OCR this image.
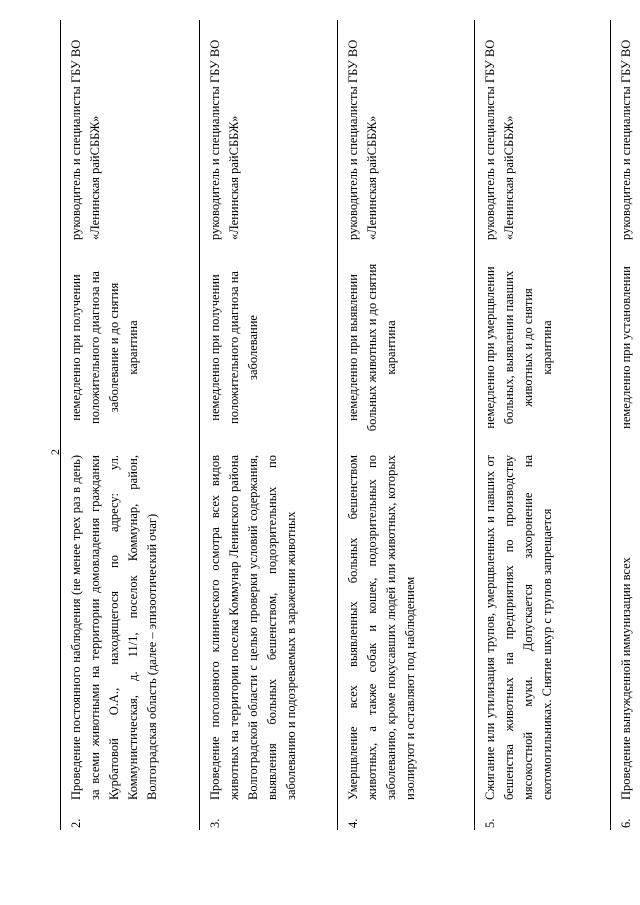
2
2.
Проведение постоянного наблюдения (не менее трех раз в день) за всеми животными на территории домовладения гражданки Курбатовой О.А., находящегося по адресу: ул. Коммунистическая, д. 11/1, поселок Коммунар, район, Волгоградская область (далее – эпизоотический очаг)
немедленно при получении положительного диагноза на заболевание и до снятия карантина
руководитель и специалисты ГБУ ВО «Ленинская райСББЖ»
3.
Проведение поголовного клинического осмотра всех видов животных на территории поселка Коммунар Ленинского района Волгоградской области с целью проверки условий содержания, выявления больных бешенством, подозрительных по заболеванию и подозреваемых в заражении животных
немедленно при получении положительного диагноза на заболевание
руководитель и специалисты ГБУ ВО «Ленинская райСББЖ»
4.
Умерщвление всех выявленных больных бешенством животных, а также собак и кошек, подозрительных по заболеванию, кроме покусавших людей или животных, которых изолируют и оставляют под наблюдением
немедленно при выявлении больных животных и до снятия карантина
руководитель и специалисты ГБУ ВО «Ленинская райСББЖ»
5.
Сжигание или утилизация трупов, умерщвленных и павших от бешенства животных на предприятиях по производству мясокостной муки. Допускается захоронение на скотомогильниках. Снятие шкур с трупов запрещается
немедленно при умерщвлении больных, выявлении павших животных и до снятия карантина
руководитель и специалисты ГБУ ВО «Ленинская райСББЖ»
6.
Проведение вынужденной иммунизации всех
немедленно при установлении
руководитель и специалисты ГБУ ВО
